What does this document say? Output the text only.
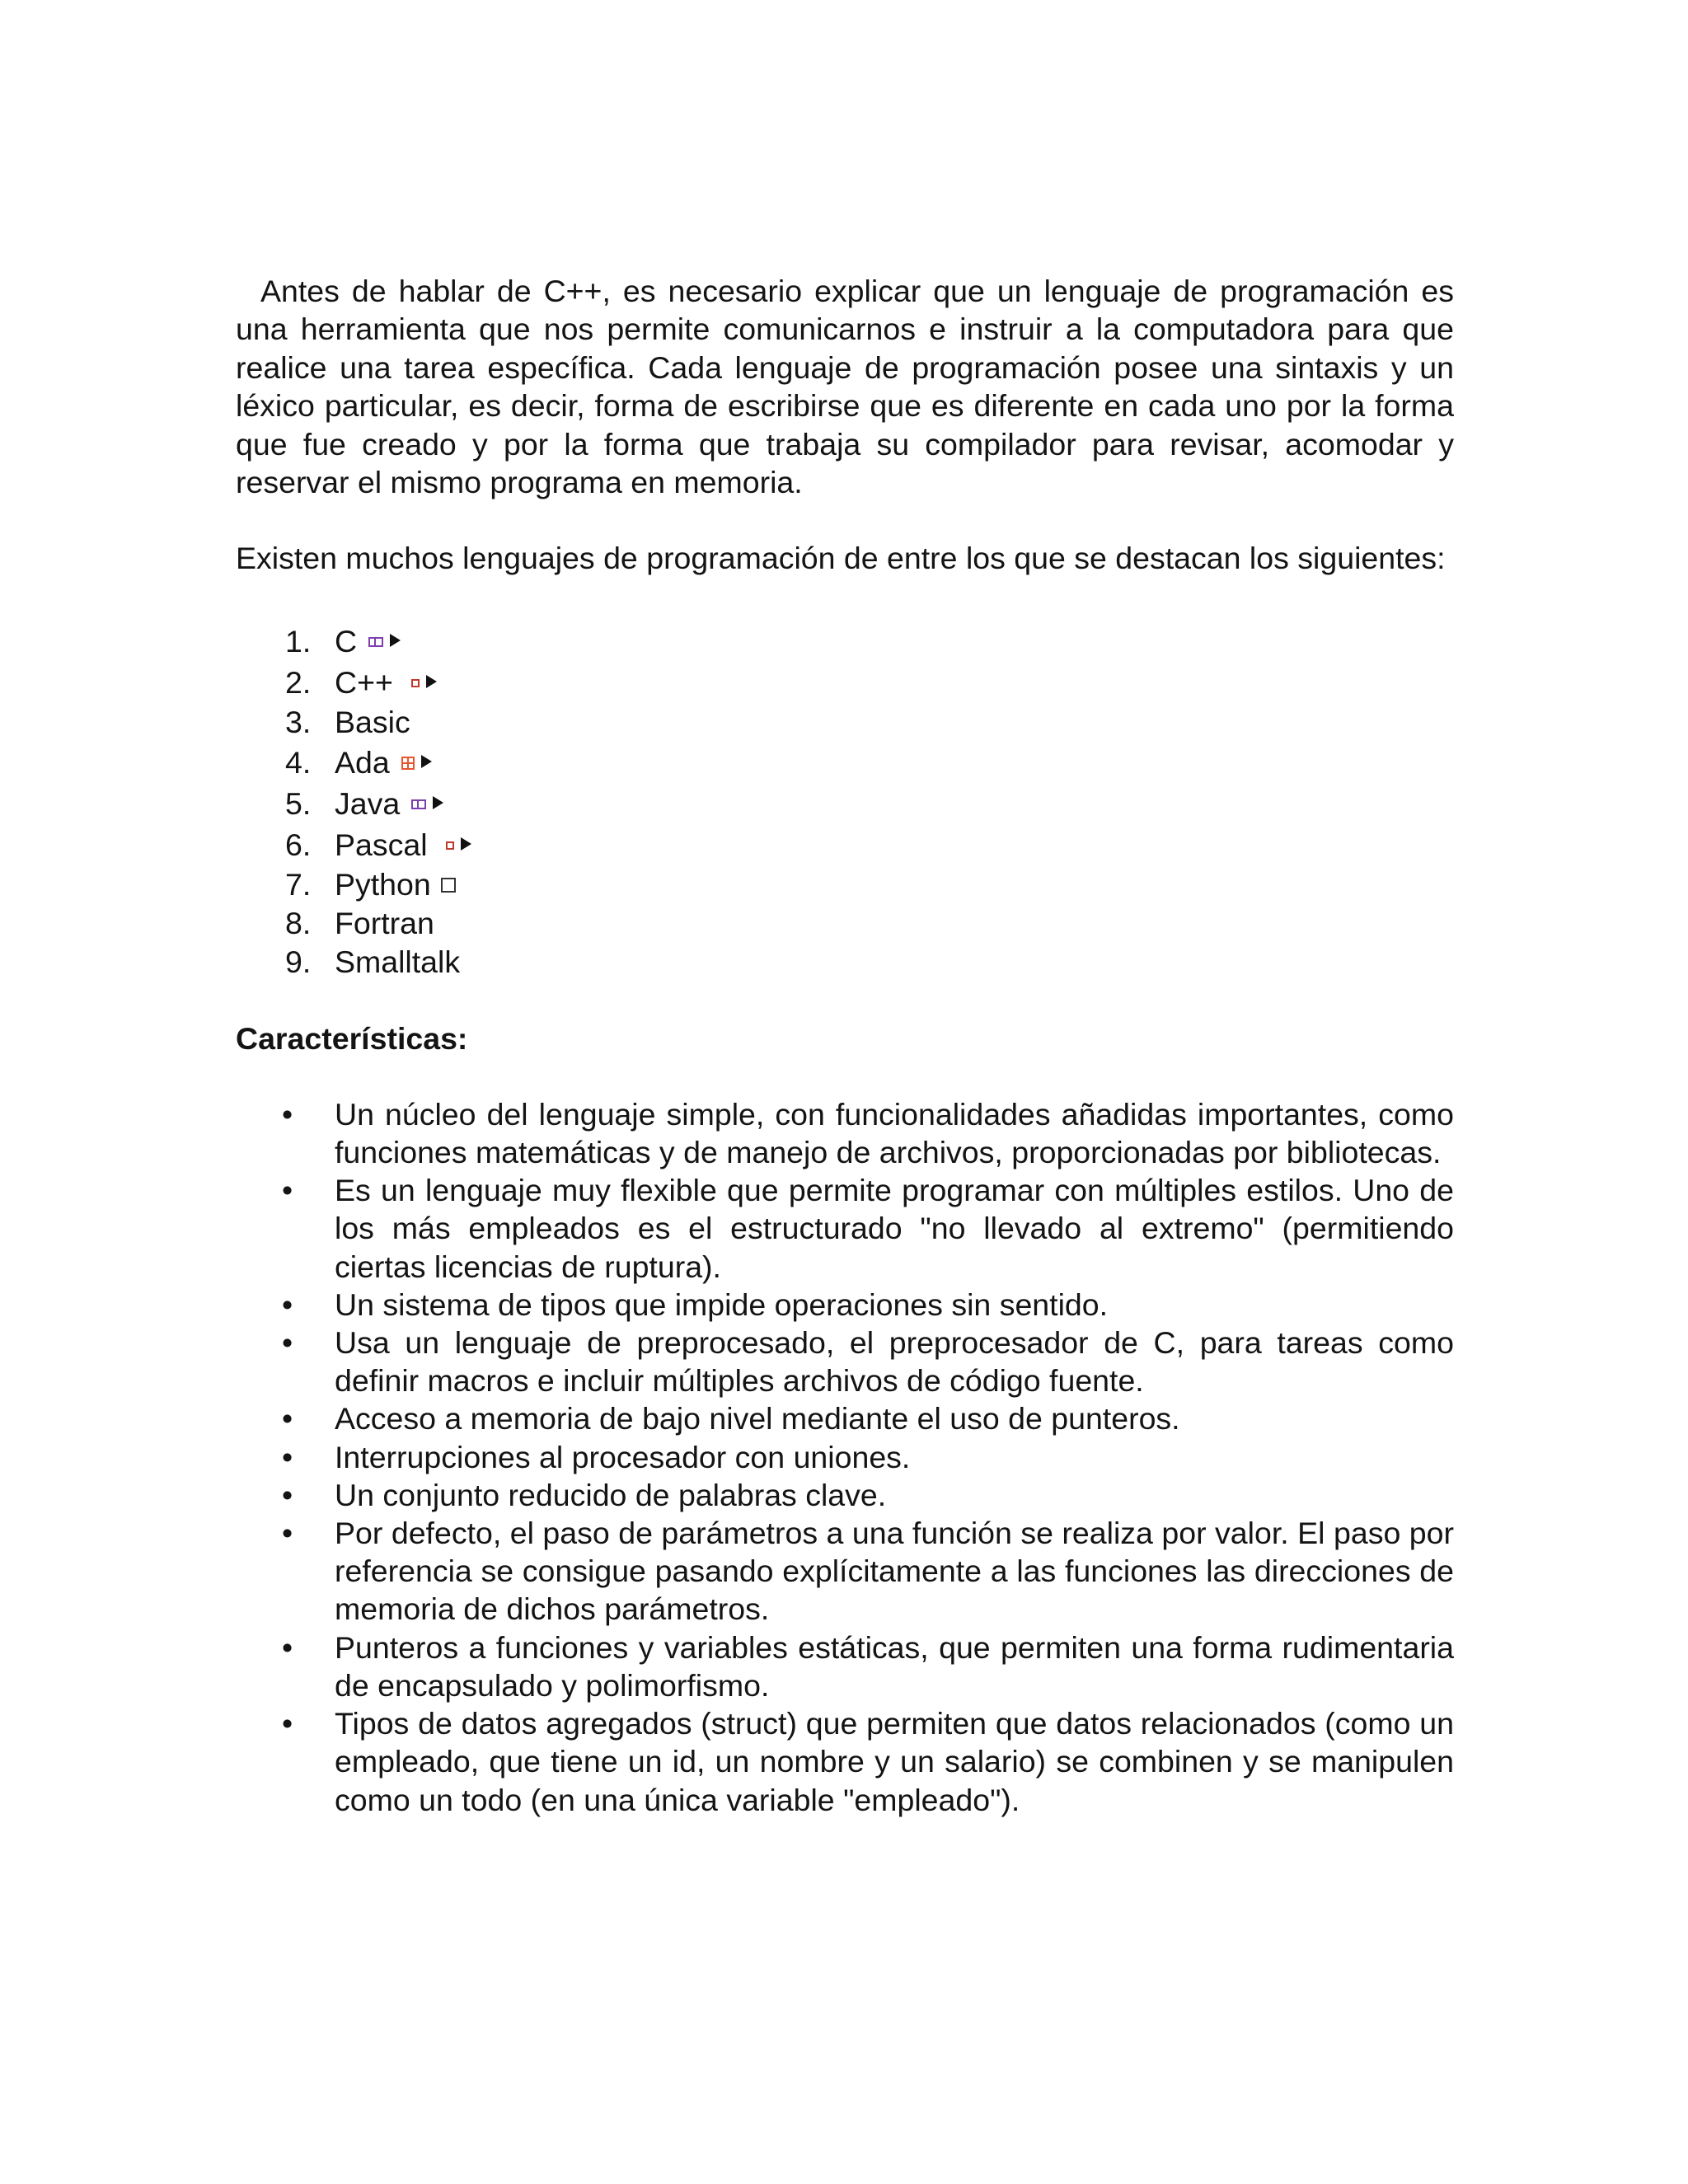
Antes de hablar de C++, es necesario explicar que un lenguaje de programación es una herramienta que nos permite comunicarnos e instruir a la computadora para que realice una tarea específica. Cada lenguaje de programación posee una sintaxis y un léxico particular, es decir, forma de escribirse que es diferente en cada uno por la forma que fue creado y por la forma que trabaja su compilador para revisar, acomodar y reservar el mismo programa en memoria.

Existen muchos lenguajes de programación de entre los que se destacan los siguientes:

1. C
2. C++
3. Basic
4. Ada
5. Java
6. Pascal
7. Python
8. Fortran
9. Smalltalk
Características:
• Un núcleo del lenguaje simple, con funcionalidades añadidas importantes, como funciones matemáticas y de manejo de archivos, proporcionadas por bibliotecas.
• Es un lenguaje muy flexible que permite programar con múltiples estilos. Uno de los más empleados es el estructurado "no llevado al extremo" (permitiendo ciertas licencias de ruptura).
• Un sistema de tipos que impide operaciones sin sentido.
• Usa un lenguaje de preprocesado, el preprocesador de C, para tareas como definir macros e incluir múltiples archivos de código fuente.
• Acceso a memoria de bajo nivel mediante el uso de punteros.
• Interrupciones al procesador con uniones.
• Un conjunto reducido de palabras clave.
• Por defecto, el paso de parámetros a una función se realiza por valor. El paso por referencia se consigue pasando explícitamente a las funciones las direcciones de memoria de dichos parámetros.
• Punteros a funciones y variables estáticas, que permiten una forma rudimentaria de encapsulado y polimorfismo.
• Tipos de datos agregados (struct) que permiten que datos relacionados (como un empleado, que tiene un id, un nombre y un salario) se combinen y se manipulen como un todo (en una única variable "empleado").
